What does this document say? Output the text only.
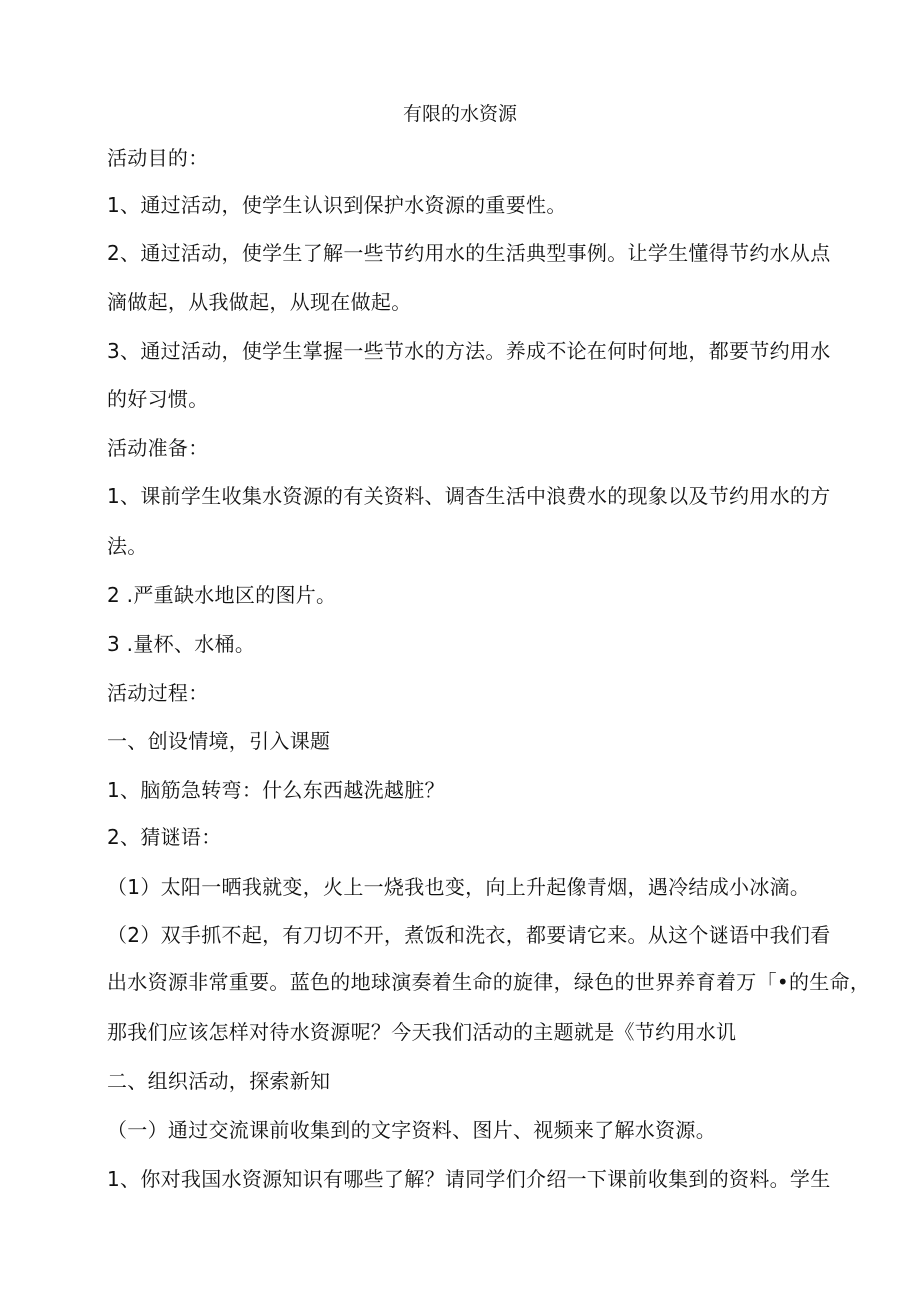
有限的水资源
活动目的：
1、通过活动，使学生认识到保护水资源的重要性。
2、通过活动，使学生了解一些节约用水的生活典型事例。让学生懂得节约水从点
滴做起，从我做起，从现在做起。
3、通过活动，使学生掌握一些节水的方法。养成不论在何时何地，都要节约用水
的好习惯。
活动准备：
1、课前学生收集水资源的有关资料、调杳生活中浪费水的现象以及节约用水的方
法。
2 .严重缺水地区的图片。
3 .量杯、水桶。
活动过程：
一、创设情境，引入课题
1、脑筋急转弯：什么东西越洗越脏？
2、猜谜语：
（1）太阳一晒我就变，火上一烧我也变，向上升起像青烟，遇冷结成小冰滴。
（2）双手抓不起，有刀切不开，煮饭和洗衣，都要请它来。从这个谜语中我们看
出水资源非常重要。蓝色的地球演奏着生命的旋律，绿色的世界养育着万「•的生命，
那我们应该怎样对待水资源呢？今天我们活动的主题就是《节约用水讥
二、组织活动，探索新知
（一）通过交流课前收集到的文字资料、图片、视频来了解水资源。
1、你对我国水资源知识有哪些了解？请同学们介绍一下课前收集到的资料。学生
